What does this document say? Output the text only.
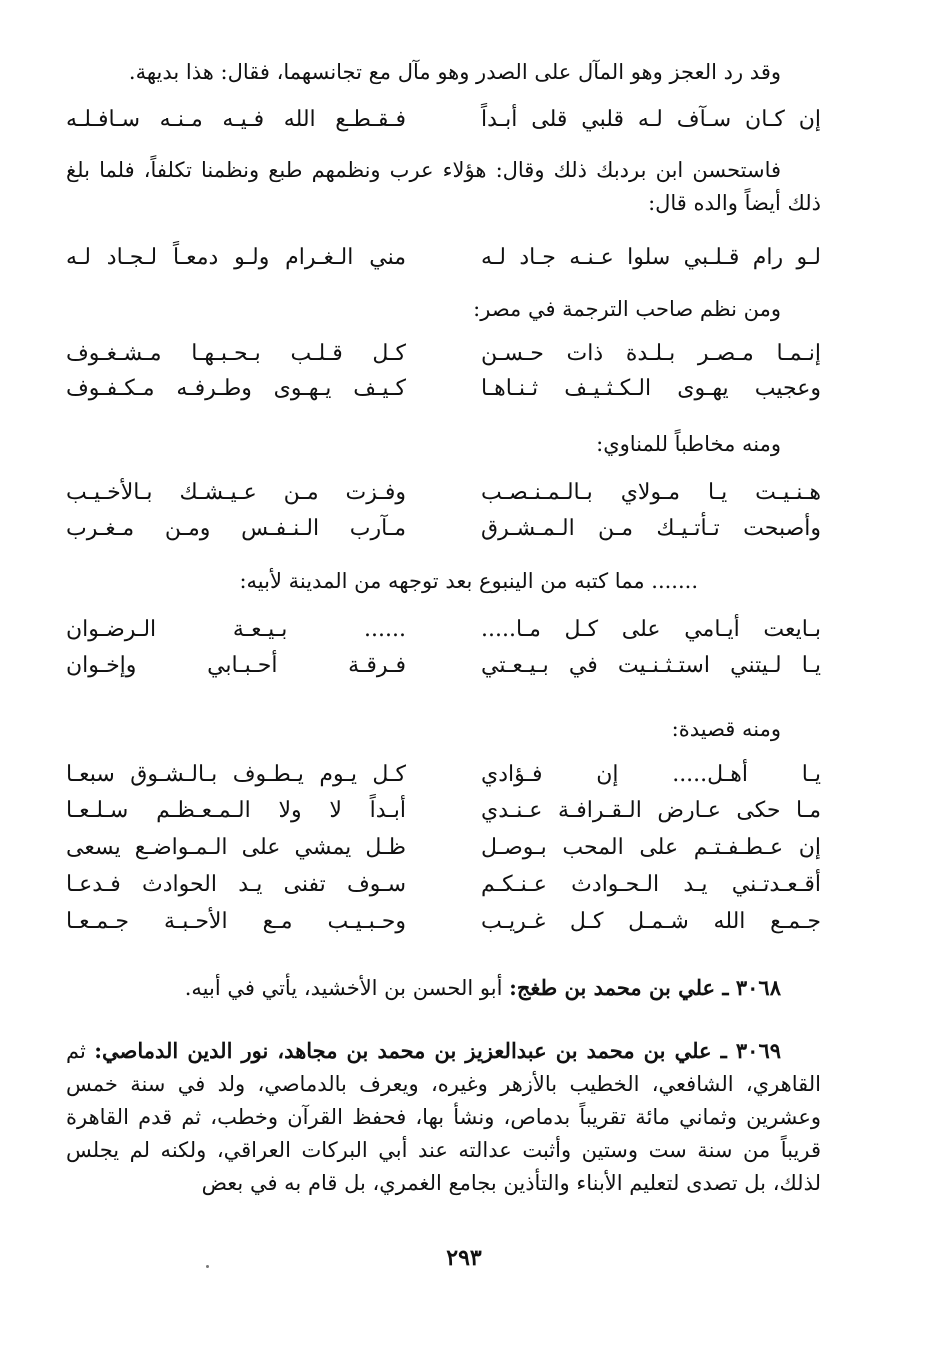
وقد رد العجز وهو المآل على الصدر وهو مآل مع تجانسهما، فقال: هذا بديهة.

إن كـان سـآف لـه قلبي قلى أبـداً
فـقـطـع الله فـيـه مـنـه سـافـلـه

فاستحسن ابن بردبك ذلك وقال: هؤلاء عرب ونظمهم طبع ونظمنا تكلفاً، فلما بلغ ذلك أيضاً والده قال:

لـو رام قـلـبي سلوا عـنـه جـاد لـه
مني الـغـرام ولـو دمعـاً لـجـاد لـه

ومن نظم صاحب الترجمة في مصر:

إنـمـا مـصـر بـلـدة ذات حـسـن
كـل قـلـب بـحـبـهـا مـشـغـوف
وعجيب يهـوى الـكـثـيـف ثـنـاهـا
كـيـف يـهـوى وطـرفـه مـكـفـوف

ومنه مخاطباً للمناوي:

هـنـيـت يـا مـولاي بـالـمـنـصـب
وفـزت مـن عـيـشـك بـالأخـيـب
وأصبحت تـأتـيـك مـن الـمـشـرق
مـآرب الـنـفـس ومـن مـغـرب

....... مما كتبه من الينبوع بعد توجهه من المدينة لأبيه:

بـايعت أيـامي على كـل مـا.....
...... بـيـعـة الـرضـوان
يـا لـيتني استـثـنـيت في بـيـعـتي
فـرقـة أحـبـابي وإخـوان

ومنه قصيدة:

يـا أهـل..... إن فـؤادي
كـل يـوم يـطـوف بـالـشـوق سبعـا
مـا حكى عـارض الـقـرافـة عـنـدي
أبـداً لا ولا الـمـعـظـم سـلـعـا
إن عـطـفـتـم على المحب بـوصـل
ظـل يمشي على الـمـواضـع يسعى
أقـعـدتـني يـد الـحـوادث عـنـكـم
سـوف تفنى يـد الحوادث فـدعـا
جـمـع الله شـمـل كـل غـريـب
وحـبـيـب مـع الأحـبـة جـمـعـا

٣٠٦٨ ـ علي بن محمد بن طغج: أبو الحسن بن الأخشيد، يأتي في أبيه.

٣٠٦٩ ـ علي بن محمد بن عبدالعزيز بن محمد بن مجاهد، نور الدين الدماصي: ثم القاهري، الشافعي، الخطيب بالأزهر وغيره، ويعرف بالدماصي، ولد في سنة خمس وعشرين وثماني مائة تقريباً بدماص، ونشأ بها، فحفظ القرآن وخطب، ثم قدم القاهرة قريباً من سنة ست وستين وأثبت عدالته عند أبي البركات العراقي، ولكنه لم يجلس لذلك، بل تصدى لتعليم الأبناء والتأذين بجامع الغمري، بل قام به في بعض

٢٩٣
